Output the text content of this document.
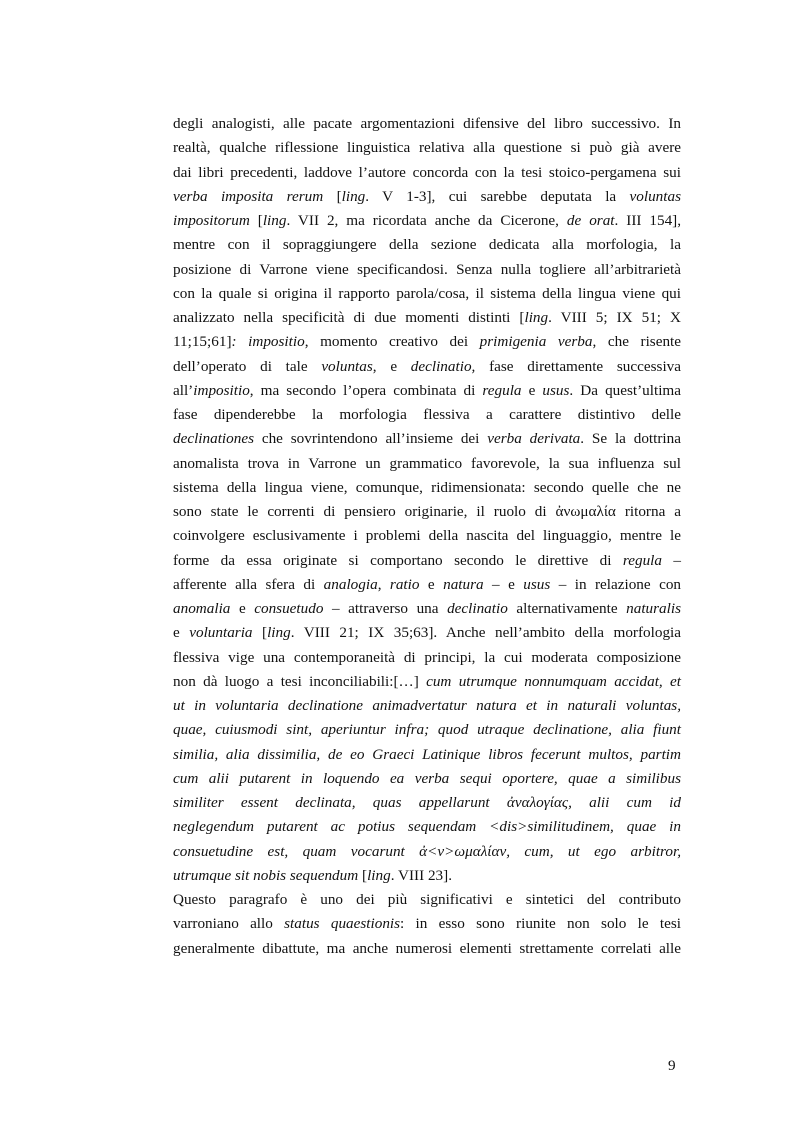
degli analogisti, alle pacate argomentazioni difensive del libro successivo. In
realtà, qualche riflessione linguistica relativa alla questione si può già avere
dai libri precedenti, laddove l’autore concorda con la tesi stoico-pergamena sui
verba imposita rerum [ling. V 1-3], cui sarebbe deputata la voluntas
impositorum [ling. VII 2, ma ricordata anche da Cicerone, de orat. III 154],
mentre con il sopraggiungere della sezione dedicata alla morfologia, la
posizione di Varrone viene specificandosi. Senza nulla togliere all’arbitrarietà
con la quale si origina il rapporto parola/cosa, il sistema della lingua viene qui
analizzato nella specificità di due momenti distinti [ling. VIII 5; IX 51; X
11;15;61]: impositio, momento creativo dei primigenia verba, che risente
dell’operato di tale voluntas, e declinatio, fase direttamente successiva
all’impositio, ma secondo l’opera combinata di regula e usus. Da quest’ultima
fase dipenderebbe la morfologia flessiva a carattere distintivo delle
declinationes che sovrintendono all’insieme dei verba derivata. Se la dottrina
anomalista trova in Varrone un grammatico favorevole, la sua influenza sul
sistema della lingua viene, comunque, ridimensionata: secondo quelle che ne
sono state le correnti di pensiero originarie, il ruolo di ἀνωμαλία ritorna a
coinvolgere esclusivamente i problemi della nascita del linguaggio, mentre le
forme da essa originate si comportano secondo le direttive di regula –
afferente alla sfera di analogia, ratio e natura – e usus – in relazione con
anomalia e consuetudo – attraverso una declinatio alternativamente naturalis
e voluntaria [ling. VIII 21; IX 35;63]. Anche nell’ambito della morfologia
flessiva vige una contemporaneità di principi, la cui moderata composizione
non dà luogo a tesi inconciliabili:[…] cum utrumque nonnumquam accidat, et
ut in voluntaria declinatione animadvertatur natura et in naturali voluntas,
quae, cuiusmodi sint, aperiuntur infra; quod utraque declinatione, alia fiunt
similia, alia dissimilia, de eo Graeci Latinique libros fecerunt multos, partim
cum alii putarent in loquendo ea verba sequi oportere, quae a similibus
similiter essent declinata, quas appellarunt ἀναλογίας, alii cum id
neglegendum putarent ac potius sequendam <dis>similitudinem, quae in
consuetudine est, quam vocarunt ἀ<ν>ωμαλίαν, cum, ut ego arbitror,
utrumque sit nobis sequendum [ling. VIII 23].
Questo paragrafo è uno dei più significativi e sintetici del contributo
varroniano allo status quaestionis: in esso sono riunite non solo le tesi
generalmente dibattute, ma anche numerosi elementi strettamente correlati alle
9
